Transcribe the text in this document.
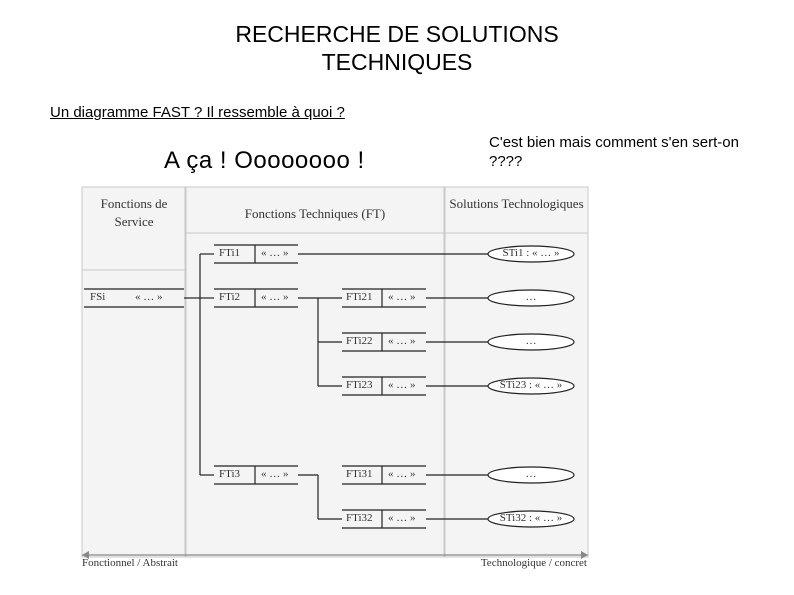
RECHERCHE DE SOLUTIONS
TECHNIQUES
Un diagramme FAST ? Il ressemble à quoi ?
A ça ! Oooooooo !
C'est bien mais comment s'en sert-on ????
Fonctions de Service
Fonctions Techniques (FT)
Solutions Technologiques
FSi	« … »
FTi1 « … »
FTi2 « … »
FTi3 « … »
FTi21 « … »
FTi22 « … »
FTi23 « … »
FTi31 « … »
FTi32 « … »
STi1 : « … »
…
…
STi23 : « … »
…
STi32 : « … »
Fonctionnel / Abstrait	Technologique / concret
